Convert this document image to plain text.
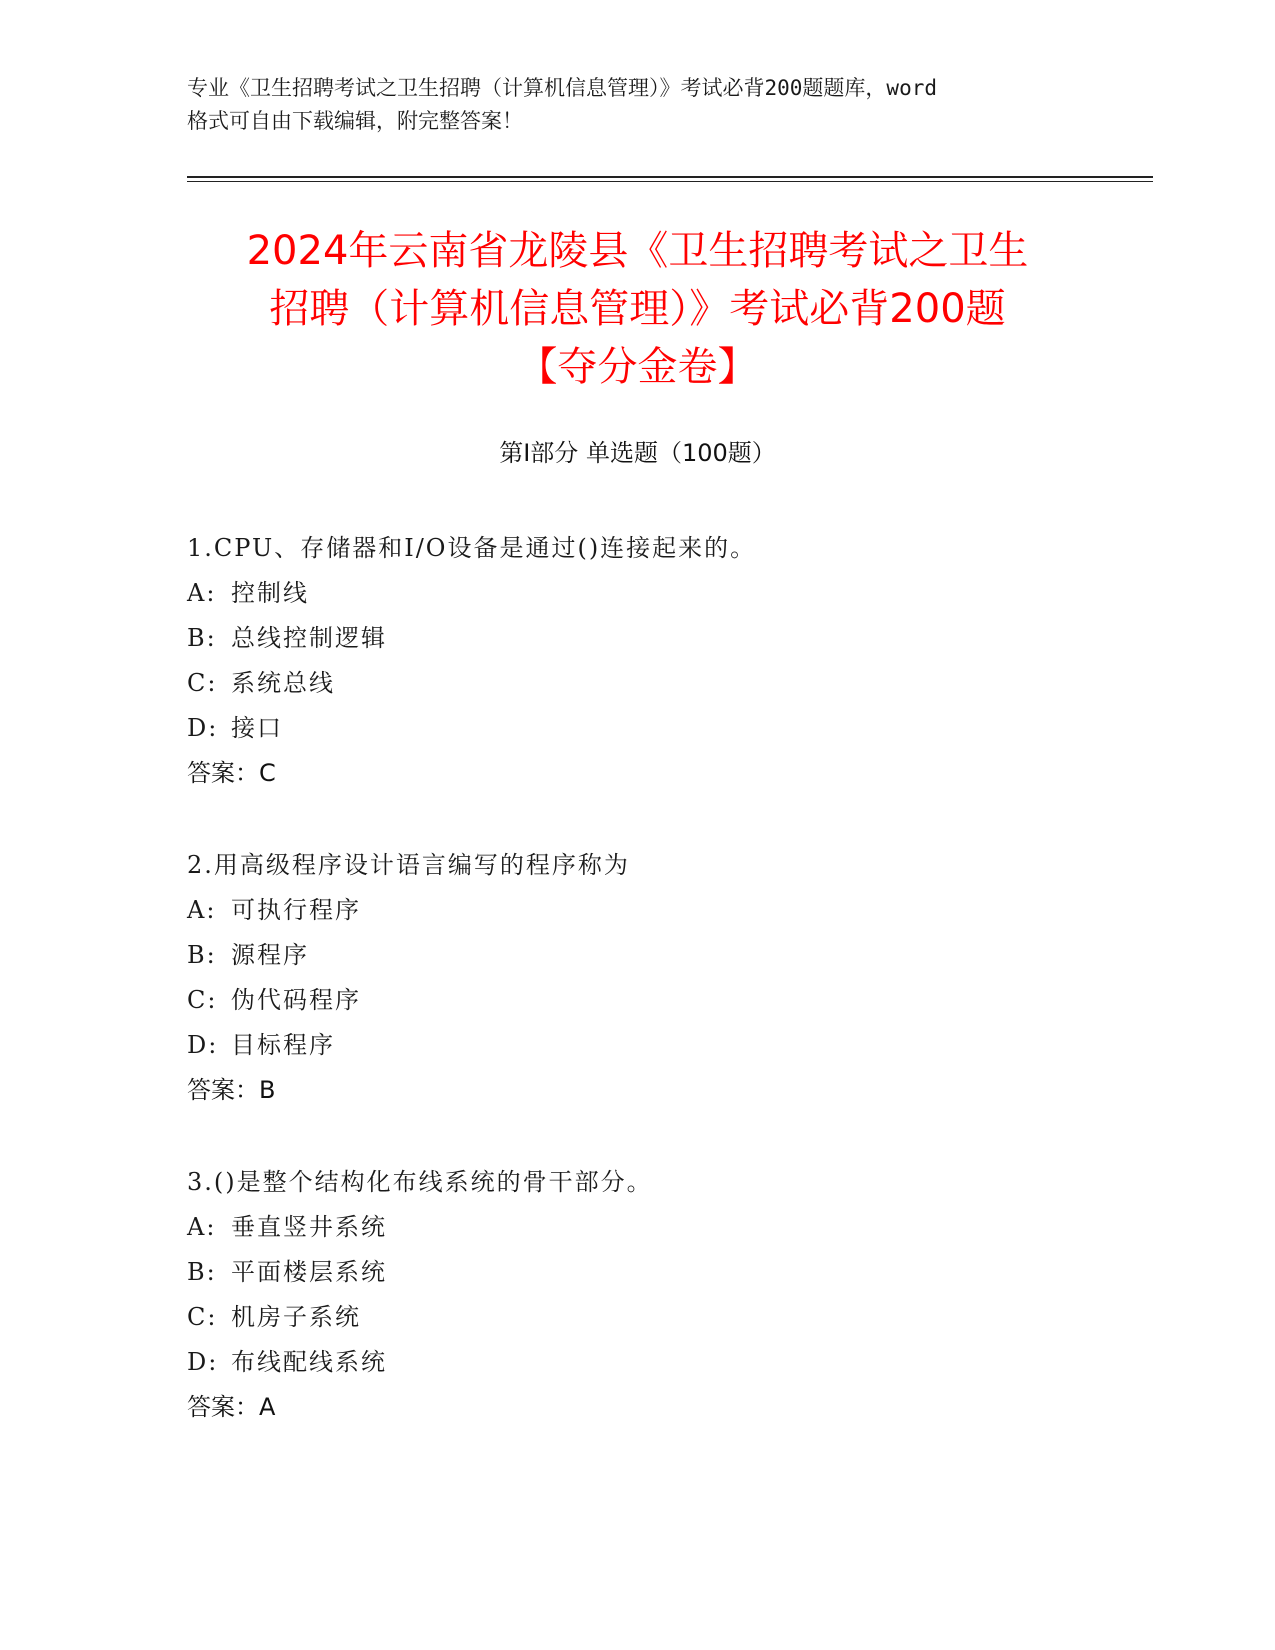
专业《卫生招聘考试之卫生招聘（计算机信息管理）》考试必背200题题库，word
格式可自由下载编辑，附完整答案！
2024年云南省龙陵县《卫生招聘考试之卫生
招聘（计算机信息管理）》考试必背200题
【夺分金卷】
第Ⅰ部分 单选题（100题）
1.CPU、存储器和I/O设备是通过()连接起来的。
A: 控制线
B: 总线控制逻辑
C: 系统总线
D: 接口
答案：C
2.用高级程序设计语言编写的程序称为
A: 可执行程序
B: 源程序
C: 伪代码程序
D: 目标程序
答案：B
3.()是整个结构化布线系统的骨干部分。
A: 垂直竖井系统
B: 平面楼层系统
C: 机房子系统
D: 布线配线系统
答案：A
